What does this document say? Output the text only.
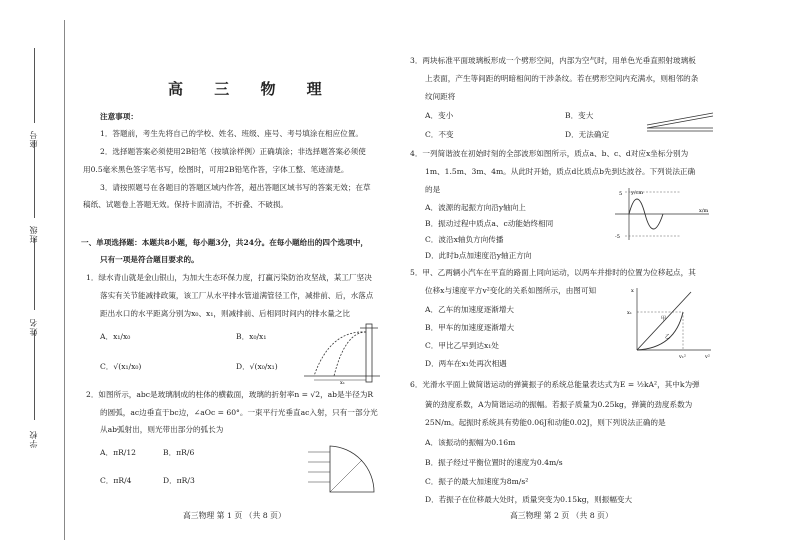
学校
姓名
班级
座号
高 三 物 理
注意事项：
1．答题前，考生先将自己的学校、姓名、班级、座号、考号填涂在相应位置。
2．选择题答案必须使用2B铅笔（按填涂样例）正确填涂；非选择题答案必须使
用0.5毫米黑色签字笔书写，绘图时，可用2B铅笔作答，字体工整、笔迹清楚。
3．请按照题号在各题目的答题区域内作答，超出答题区域书写的答案无效；在草
稿纸、试题卷上答题无效。保持卡面清洁，不折叠、不破损。
一、单项选择题：本题共8小题，每小题3分，共24分。在每小题给出的四个选项中，
只有一项是符合题目要求的。
1．绿水青山就是金山银山，为加大生态环保力度，打赢污染防治攻坚战，某工厂坚决
落实有关节能减排政策，该工厂从水平排水管道满管径工作，减排前、后，水落点
距出水口的水平距离分别为x₀、x₁，则减排前、后相同时间内的排水量之比
A．x₁/x₀	B．x₀/x₁
C．√(x₁/x₀)	D．√(x₀/x₁)
x₁
2．如图所示，abc是玻璃制成的柱体的横截面，玻璃的折射率n = √2，ab是半径为R
的圆弧，ac边垂直于bc边，∠aOc = 60°。一束平行光垂直ac入射，只有一部分光
从ab弧射出，则光带出部分的弧长为
A．πR/12	B．πR/6
C．πR/4	D．πR/3
高三物理 第 1 页 （共 8 页）
3．两块标准平面玻璃板形成一个劈形空间，内部为空气时，用单色光垂直照射玻璃板
上表面，产生等间距的明暗相间的干涉条纹。若在劈形空间内充满水，则相邻的条
纹间距将
A．变小	B．变大
C．不变	D．无法确定
4．一列简谐波在初始时刻的全部波形如图所示，质点a、b、c、d对应x坐标分别为
1m、1.5m、3m、4m。从此时开始，质点d比质点b先到达波谷。下列说法正确
的是
A．波源的起振方向沿y轴向上
B．振动过程中质点a、c动能始终相同
C．波沿x轴负方向传播
D．此时b点加速度沿y轴正方向
y/cm
x/m
5
-5
5．甲、乙两辆小汽车在平直的路面上同向运动，以两车并排时的位置为位移起点，其
位移x与速度平方v²变化的关系如图所示，由图可知
A．乙车的加速度逐渐增大
B．甲车的加速度逐渐增大
C．甲比乙早到达x₁处
D．两车在x₁处再次相遇
x
v²
x₁
v₁²
甲
乙
6．光滑水平面上做简谐运动的弹簧振子的系统总能量表达式为E = ½kA²，其中k为弹
簧的劲度系数，A为简谐运动的振幅。若振子质量为0.25kg，弹簧的劲度系数为
25N/m。起振时系统具有势能0.06J和动能0.02J，则下列说法正确的是
A．该振动的振幅为0.16m
B．振子经过平衡位置时的速度为0.4m/s
C．振子的最大加速度为8m/s²
D．若振子在位移最大处时，质量突变为0.15kg，则振幅变大
高三物理 第 2 页 （共 8 页）
